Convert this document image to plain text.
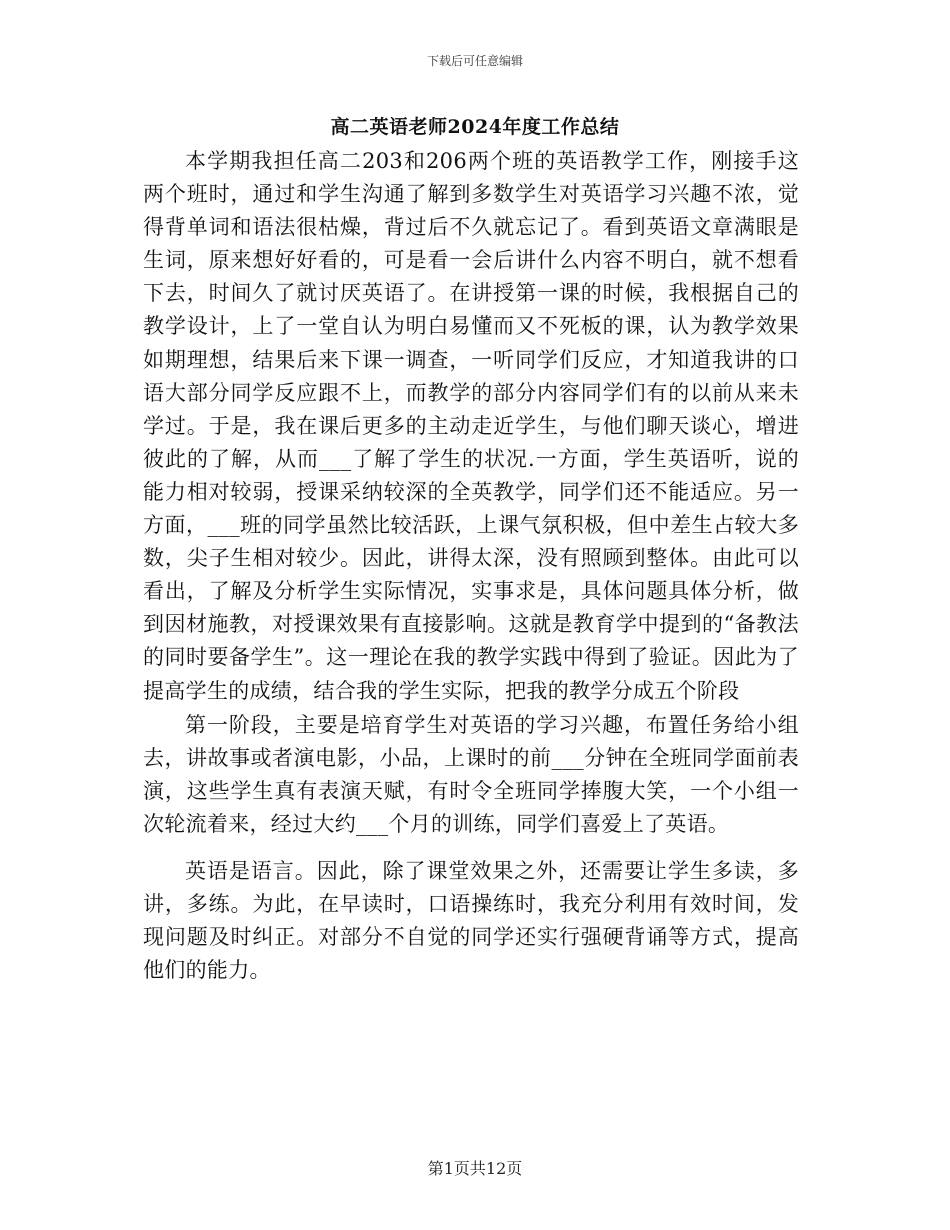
下载后可任意编辑
高二英语老师2024年度工作总结

本学期我担任高二203和206两个班的英语教学工作，刚接手这两个班时，通过和学生沟通了解到多数学生对英语学习兴趣不浓，觉得背单词和语法很枯燥，背过后不久就忘记了。看到英语文章满眼是生词，原来想好好看的，可是看一会后讲什么内容不明白，就不想看下去，时间久了就讨厌英语了。在讲授第一课的时候，我根据自己的教学设计，上了一堂自认为明白易懂而又不死板的课，认为教学效果如期理想，结果后来下课一调查，一听同学们反应，才知道我讲的口语大部分同学反应跟不上，而教学的部分内容同学们有的以前从来未学过。于是，我在课后更多的主动走近学生，与他们聊天谈心，增进彼此的了解，从而___了解了学生的状况.一方面，学生英语听，说的能力相对较弱，授课采纳较深的全英教学，同学们还不能适应。另一方面，___班的同学虽然比较活跃，上课气氛积极，但中差生占较大多数，尖子生相对较少。因此，讲得太深，没有照顾到整体。由此可以看出，了解及分析学生实际情况，实事求是，具体问题具体分析，做到因材施教，对授课效果有直接影响。这就是教育学中提到的“备教法的同时要备学生”。这一理论在我的教学实践中得到了验证。因此为了提高学生的成绩，结合我的学生实际，把我的教学分成五个阶段

第一阶段，主要是培育学生对英语的学习兴趣，布置任务给小组去，讲故事或者演电影，小品，上课时的前___分钟在全班同学面前表演，这些学生真有表演天赋，有时令全班同学捧腹大笑，一个小组一次轮流着来，经过大约___个月的训练，同学们喜爱上了英语。

英语是语言。因此，除了课堂效果之外，还需要让学生多读，多讲，多练。为此，在早读时，口语操练时，我充分利用有效时间，发现问题及时纠正。对部分不自觉的同学还实行强硬背诵等方式，提高他们的能力。

第1页共12页
